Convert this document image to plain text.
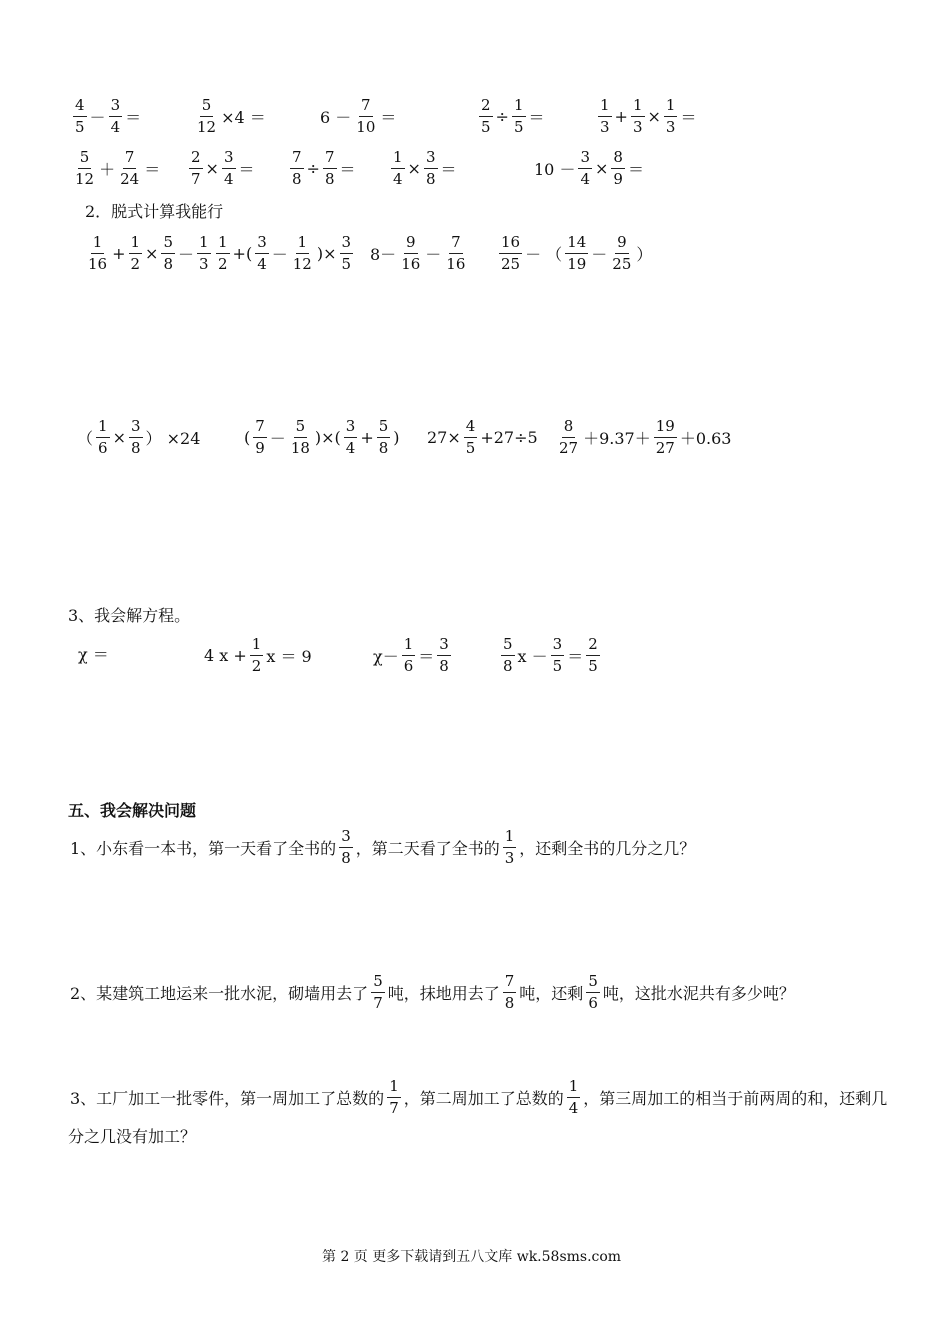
$\frac{4}{5} - \frac{3}{4}$ ＝	$\frac{5}{12} \times 4$ ＝	$6 - \frac{7}{10}$ ＝	$\frac{2}{5} \div \frac{1}{5}$ ＝	$\frac{1}{3} + \frac{1}{3} \times \frac{1}{3}$ ＝
$\frac{5}{12} + \frac{7}{24} = \frac{2}{7} \times \frac{3}{4} = \frac{7}{8} \div \frac{7}{8} = \frac{1}{4} \times \frac{3}{8}$ ＝	$10 - \frac{3}{4} \times \frac{8}{9}$ ＝
2．脱式计算我能行
$\frac{1}{16} + \frac{1}{2} \times \frac{5}{8} - \frac{1}{3} \frac{1}{2}$ +( $\frac{3}{4} - \frac{1}{12}$ )× $\frac{3}{5} 8- \frac{9}{16} - \frac{7}{16} \frac{16}{25}$ － （ $\frac{14}{19} - \frac{9}{25}$ ）
（ $\frac{1}{6} \times \frac{3}{8}$ ） ×24	( $\frac{7}{9} - \frac{5}{18}$ )×( $\frac{3}{4} + \frac{5}{8}$ ) $27\times \frac{4}{5} +27\div 5 \frac{8}{27} +9.37+ \frac{19}{27} +0.63$
3、我会解方程。
χ ＝	4 $x + \frac{1}{2}$ x ＝ 9	$\chi- \frac{1}{6} = \frac{3}{8}$	$\frac{5}{8}$ $x - \frac{3}{5} = \frac{2}{5}$
五、我会解决问题
1、小东看一本书，第一天看了全书的 $\frac{3}{8}$ ，第二天看了全书的 $\frac{1}{3}$ ，还剩全书的几分之几？
2、某建筑工地运来一批水泥，砌墙用去了 $\frac{5}{7}$ 吨，抹地用去了 $\frac{7}{8}$ 吨，还剩 $\frac{5}{6}$ 吨，这批水泥共有多少吨？
3、工厂加工一批零件，第一周加工了总数的 $\frac{1}{7}$ ，第二周加工了总数的 $\frac{1}{4}$ ，第三周加工的相当于前两周的和，还剩几
分之几没有加工？
第 2 页 更多下载请到五八文库 wk.58sms.com
